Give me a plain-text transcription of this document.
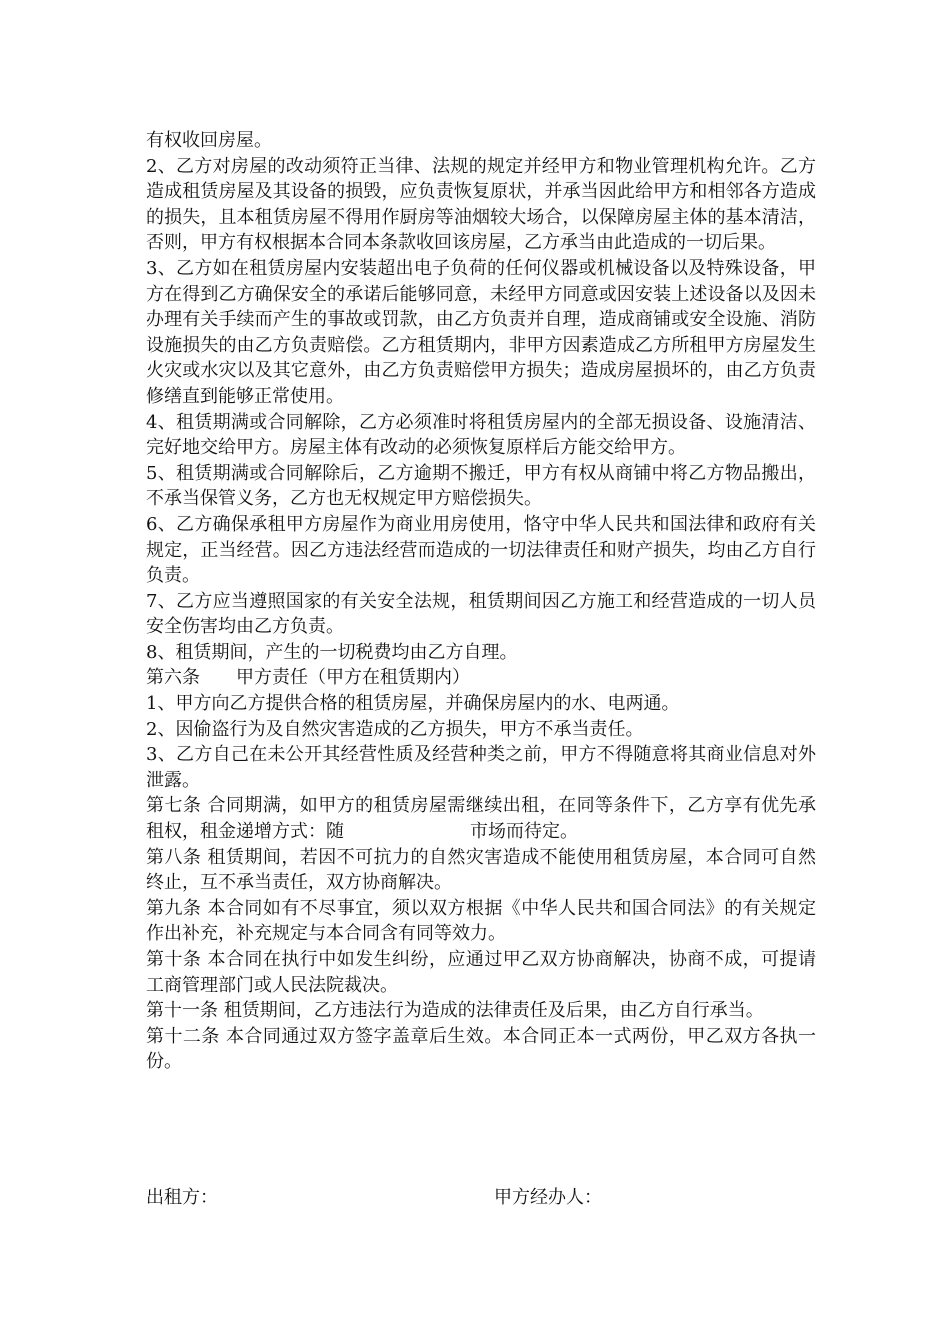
有权收回房屋。

2、乙方对房屋的改动须符正当律、法规的规定并经甲方和物业管理机构允许。乙方造成租赁房屋及其设备的损毁，应负责恢复原状，并承当因此给甲方和相邻各方造成的损失，且本租赁房屋不得用作厨房等油烟较大场合，以保障房屋主体的基本清洁，否则，甲方有权根据本合同本条款收回该房屋，乙方承当由此造成的一切后果。

3、乙方如在租赁房屋内安装超出电子负荷的任何仪器或机械设备以及特殊设备，甲方在得到乙方确保安全的承诺后能够同意，未经甲方同意或因安装上述设备以及因未办理有关手续而产生的事故或罚款，由乙方负责并自理，造成商铺或安全设施、消防设施损失的由乙方负责赔偿。乙方租赁期内，非甲方因素造成乙方所租甲方房屋发生火灾或水灾以及其它意外，由乙方负责赔偿甲方损失；造成房屋损坏的，由乙方负责修缮直到能够正常使用。

4、租赁期满或合同解除，乙方必须准时将租赁房屋内的全部无损设备、设施清洁、完好地交给甲方。房屋主体有改动的必须恢复原样后方能交给甲方。

5、租赁期满或合同解除后，乙方逾期不搬迁，甲方有权从商铺中将乙方物品搬出，不承当保管义务，乙方也无权规定甲方赔偿损失。

6、乙方确保承租甲方房屋作为商业用房使用，恪守中华人民共和国法律和政府有关规定，正当经营。因乙方违法经营而造成的一切法律责任和财产损失，均由乙方自行负责。

7、乙方应当遵照国家的有关安全法规，租赁期间因乙方施工和经营造成的一切人员安全伤害均由乙方负责。

8、租赁期间，产生的一切税费均由乙方自理。

第六条　　甲方责任（甲方在租赁期内）

1、甲方向乙方提供合格的租赁房屋，并确保房屋内的水、电两通。

2、因偷盗行为及自然灾害造成的乙方损失，甲方不承当责任。

3、乙方自己在未公开其经营性质及经营种类之前，甲方不得随意将其商业信息对外泄露。

第七条 合同期满，如甲方的租赁房屋需继续出租，在同等条件下，乙方享有优先承租权，租金递增方式：随　　　　　　　市场而待定。

第八条 租赁期间，若因不可抗力的自然灾害造成不能使用租赁房屋，本合同可自然终止，互不承当责任，双方协商解决。

第九条 本合同如有不尽事宜，须以双方根据《中华人民共和国合同法》的有关规定作出补充，补充规定与本合同含有同等效力。

第十条 本合同在执行中如发生纠纷，应通过甲乙双方协商解决，协商不成，可提请工商管理部门或人民法院裁决。

第十一条 租赁期间，乙方违法行为造成的法律责任及后果，由乙方自行承当。

第十二条 本合同通过双方签字盖章后生效。本合同正本一式两份，甲乙双方各执一份。

出租方：	甲方经办人：
